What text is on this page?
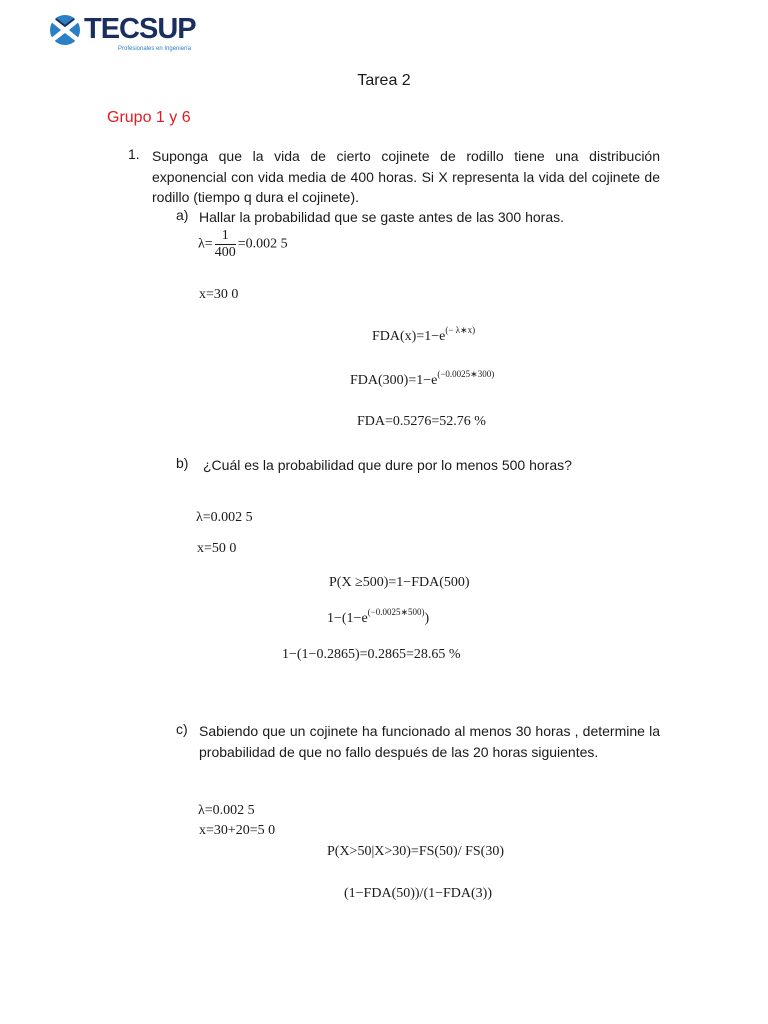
TECSUP
Profesionales en Ingeniería
Tarea 2
Grupo 1 y 6
1. Suponga que la vida de cierto cojinete de rodillo tiene una distribución exponencial con vida media de 400 horas. Si X representa la vida del cojinete de rodillo (tiempo q dura el cojinete).
a) Hallar la probabilidad que se gaste antes de las 300 horas.
$\lambda= \frac{1}{400} =0.002$ 5
x=30 0
$FDA(x)=1-e^{(- \lambda∗x)}$
$FDA(300)=1-e^{(-0.0025∗300)}$
FDA=0.5276=52.76 %
b) ¿Cuál es la probabilidad que dure por lo menos 500 horas?
λ=0.002 5
x=50 0
P(X ≥500)=1−FDA(500)
$1-(1-e^{(-0.0025∗500)})$
1−(1−0.2865)=0.2865=28.65 %
c) Sabiendo que un cojinete ha funcionado al menos 30 horas , determine la probabilidad de que no fallo después de las 20 horas siguientes.
λ=0.002 5
x=30+20=5 0
P(X>50|X>30)=FS(50)/ FS(30)
(1−FDA(50))/(1−FDA(3))
